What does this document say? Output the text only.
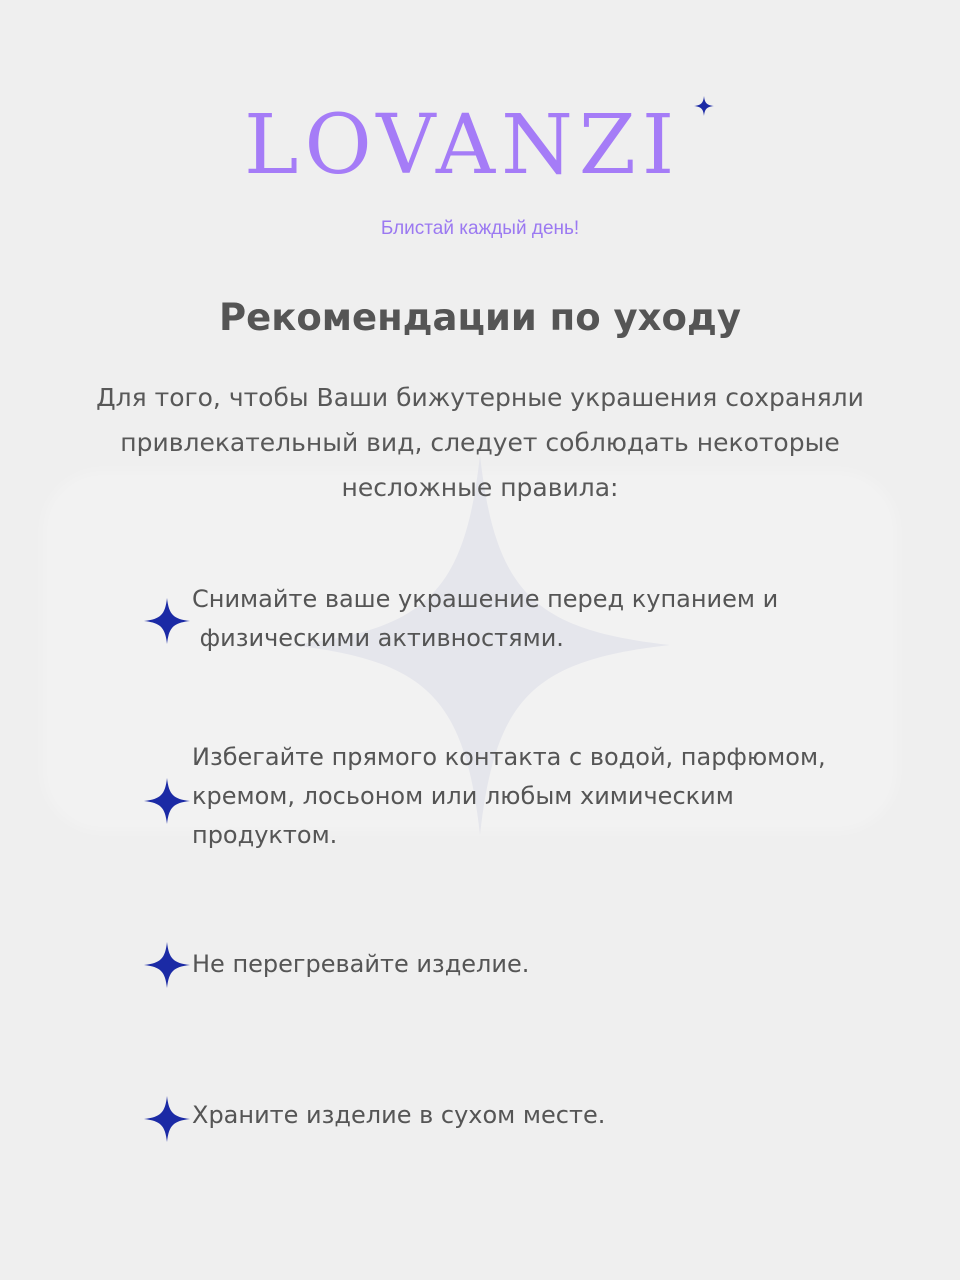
LOVANZI
Блистай каждый день!
Рекомендации по уходу
Для того, чтобы Ваши бижутерные украшения сохраняли привлекательный вид, следует соблюдать некоторые несложные правила:
Снимайте ваше украшение перед купанием и
физическими активностями.
Избегайте прямого контакта с водой, парфюмом,
кремом, лосьоном или любым химическим
продуктом.
Не перегревайте изделие.
Храните изделие в сухом месте.
